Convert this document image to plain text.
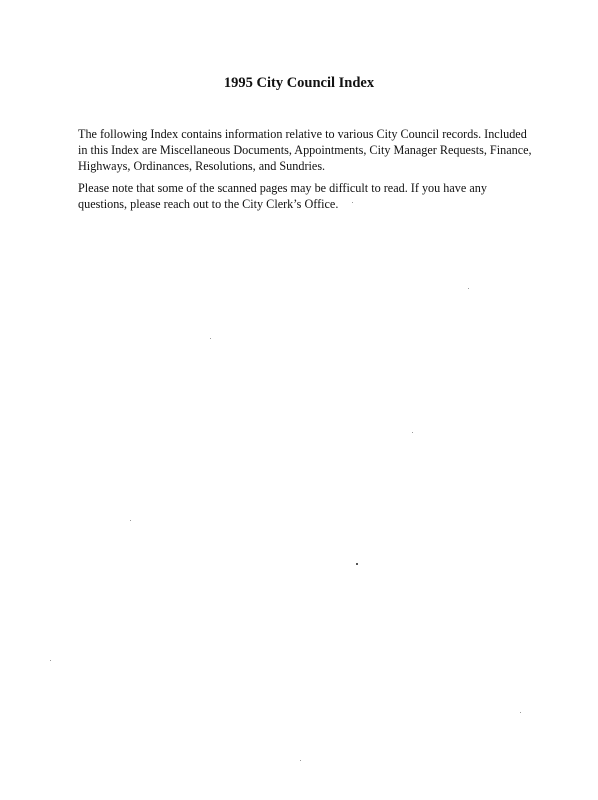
1995 City Council Index
The following Index contains information relative to various City Council records. Included in this Index are Miscellaneous Documents, Appointments, City Manager Requests, Finance, Highways, Ordinances, Resolutions, and Sundries.
Please note that some of the scanned pages may be difficult to read. If you have any questions, please reach out to the City Clerk’s Office.
